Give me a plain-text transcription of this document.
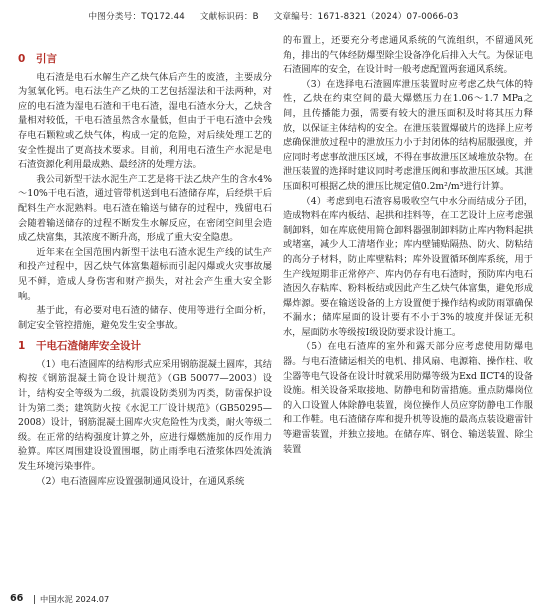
中图分类号：TQ172.44 文献标识码：B 文章编号：1671-8321（2024）07-0066-03
0 引言

电石渣是电石水解生产乙炔气体后产生的废渣，主要成分为氢氧化钙。电石法生产乙炔的工艺包括湿法和干法两种，对应的电石渣为湿电石渣和干电石渣，湿电石渣水分大，乙炔含量相对较低，干电石渣虽然含水量低，但由于干电石渣中会残存电石颗粒或乙炔气体，构成一定的危险，对后续处理工艺的安全性提出了更高技术要求。目前，利用电石渣生产水泥是电石渣资源化利用最成熟、最经济的处理方法。

我公司新型干法水泥生产工艺是将干法乙炔产生的含水4%～10%干电石渣，通过管带机送到电石渣储存库，后经烘干后配料生产水泥熟料。电石渣在输送与储存的过程中，残留电石会随着输送储存的过程不断发生水解反应，在密闭空间里会造成乙炔富集，其浓度不断升高，形成了重大安全隐患。

近年来在全国范围内新型干法电石渣水泥生产线的试生产和投产过程中，因乙炔气体富集超标而引起闪爆或火灾事故屡见不鲜，造成人身伤害和财产损失，对社会产生重大安全影响。

基于此，有必要对电石渣的储存、使用等进行全面分析，制定安全管控措施，避免发生安全事故。

1 干电石渣储库安全设计

（1）电石渣圆库的结构形式应采用钢筋混凝土圆库，其结构按《钢筋混凝土筒仓设计规范》（GB 50077—2003）设计，结构安全等级为二级，抗震设防类别为丙类，防雷保护设计为第二类；建筑防火按《水泥工厂设计规范》（GB50295—2008）设计，钢筋混凝土圆库火灾危险性为戊类，耐火等级二级。在正常的结构强度计算之外，应进行爆燃施加的反作用力验算。库区周围建设设置围堰，防止雨季电石渣浆体四处流淌发生环境污染事件。

（2）电石渣圆库应设置强制通风设计，在通风系统

的布置上，还要充分考虑通风系统的气流组织，不留通风死角，排出的气体经防爆型除尘设备净化后排入大气。为保证电石渣圆库的安全，在设计时一般考虑配置两套通风系统。

（3）在选择电石渣圆库泄压装置时应考虑乙炔气体的特性，乙炔在约束空间的最大爆燃压力在1.06～1.7 MPa之间，且传播能力强，需要有较大的泄压面积及时将其压力释放，以保证主体结构的安全。在泄压装置爆破片的选择上应考虑确保泄放过程中的泄放压力小于封闭体的结构屈服强度，并应同时考虑事故泄压区域，不得在事故泄压区域堆放杂物。在泄压装置的选择时建议同时考虑泄压阀和事故泄压区域。其泄压面积可根据乙炔的泄压比规定值0.2m²/m³进行计算。

（4）考虑到电石渣容易吸收空气中水分而结成分子团，造成物料在库内板结、起拱和挂料等，在工艺设计上应考虑强制卸料，如在库底使用简仓卸料器强制卸料防止库内物料起拱或堵塞，减少人工清堵作业；库内壁铺贴隔热、防火、防粘结的高分子材料，防止库壁粘料；库外设置循环倒库系统，用于生产线短期非正常停产、库内仍存有电石渣时，预防库内电石渣因久存粘库、粉料板结或因此产生乙炔气体富集，避免形成爆炸源。要在输送设备的上方设置便于操作结构或防雨罩确保不漏水；储库屋面的设计要有不小于3%的坡度并保证无积水，屋面防水等级按Ⅰ级设防要求设计施工。

（5）在电石渣库的室外和露天部分应考虑使用防爆电器。与电石渣储运相关的电机、排风扇、电源箱、操作柱、收尘器等电气设备在设计时就采用防爆等级为Exd ⅡCT4的设备设施。相关设备采取接地、防静电和防雷措施。重点防爆岗位的入口设置人体除静电装置，岗位操作人员应穿防静电工作服和工作鞋。电石渣储存库和提升机等设施的最高点装设避雷针等避雷装置，并独立接地。在储存库、钢仓、输送装置、除尘装置

66 中国水泥 2024.07
